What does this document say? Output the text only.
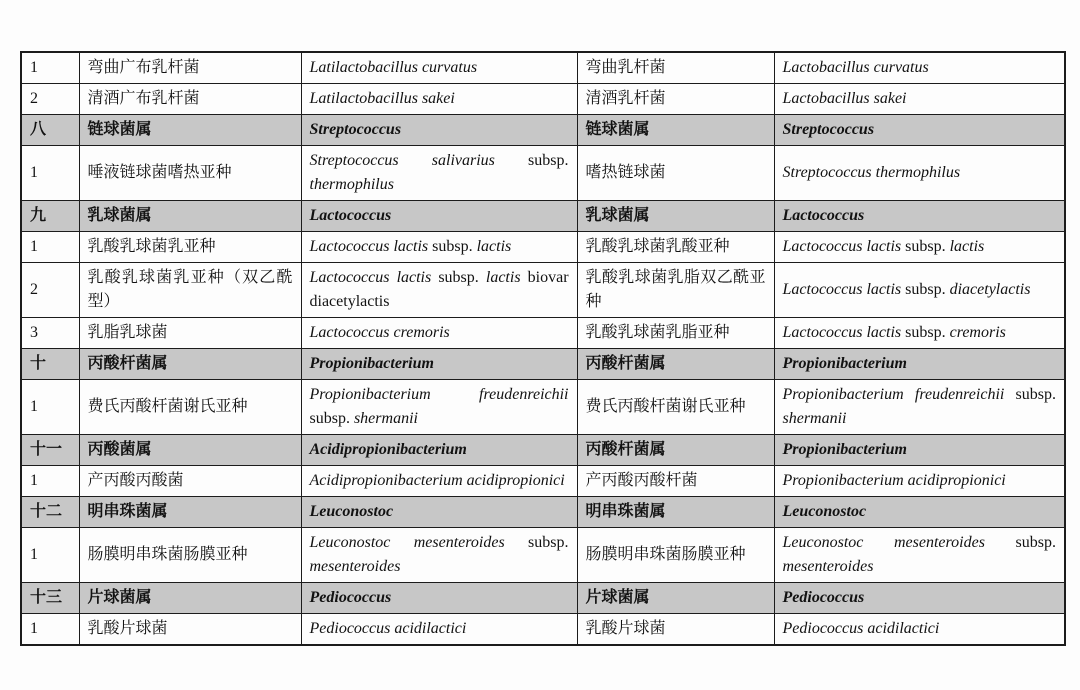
1	弯曲广布乳杆菌	Latilactobacillus curvatus	弯曲乳杆菌	Lactobacillus curvatus
2	清酒广布乳杆菌	Latilactobacillus sakei	清酒乳杆菌	Lactobacillus sakei
八	链球菌属	Streptococcus	链球菌属	Streptococcus
1	唾液链球菌嗜热亚种	Streptococcus salivarius subsp. thermophilus	嗜热链球菌	Streptococcus thermophilus
九	乳球菌属	Lactococcus	乳球菌属	Lactococcus
1	乳酸乳球菌乳亚种	Lactococcus lactis subsp. lactis	乳酸乳球菌乳酸亚种	Lactococcus lactis subsp. lactis
2	乳酸乳球菌乳亚种（双乙酰型）	Lactococcus lactis subsp. lactis biovar diacetylactis	乳酸乳球菌乳脂双乙酰亚种	Lactococcus lactis subsp. diacetylactis
3	乳脂乳球菌	Lactococcus cremoris	乳酸乳球菌乳脂亚种	Lactococcus lactis subsp. cremoris
十	丙酸杆菌属	Propionibacterium	丙酸杆菌属	Propionibacterium
1	费氏丙酸杆菌谢氏亚种	Propionibacterium freudenreichii subsp. shermanii	费氏丙酸杆菌谢氏亚种	Propionibacterium freudenreichii subsp. shermanii
十一	丙酸菌属	Acidipropionibacterium	丙酸杆菌属	Propionibacterium
1	产丙酸丙酸菌	Acidipropionibacterium acidipropionici	产丙酸丙酸杆菌	Propionibacterium acidipropionici
十二	明串珠菌属	Leuconostoc	明串珠菌属	Leuconostoc
1	肠膜明串珠菌肠膜亚种	Leuconostoc mesenteroides subsp. mesenteroides	肠膜明串珠菌肠膜亚种	Leuconostoc mesenteroides subsp. mesenteroides
十三	片球菌属	Pediococcus	片球菌属	Pediococcus
1	乳酸片球菌	Pediococcus acidilactici	乳酸片球菌	Pediococcus acidilactici
